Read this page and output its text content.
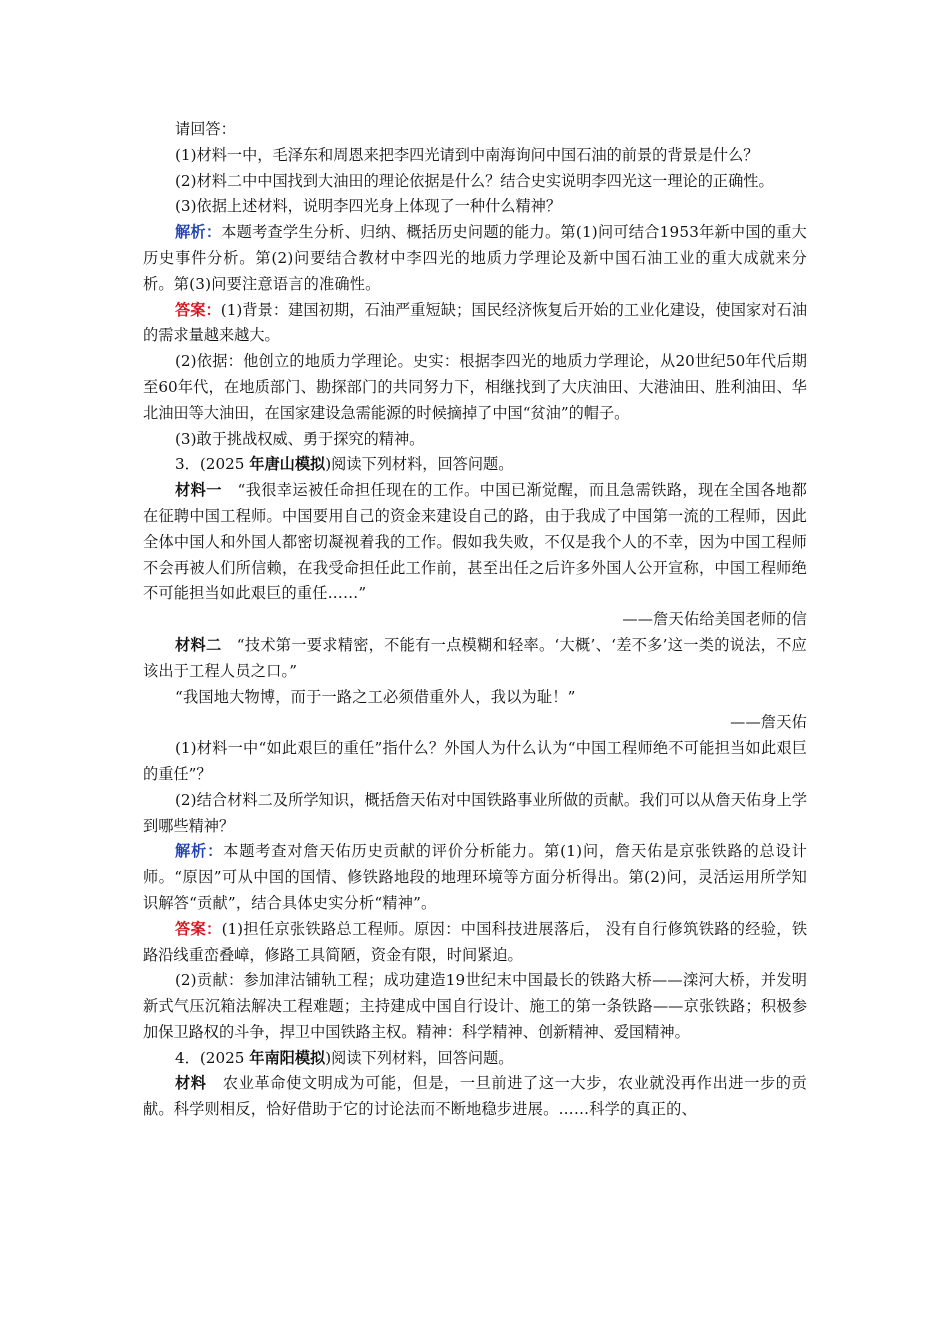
请回答：

(1)材料一中，毛泽东和周恩来把李四光请到中南海询问中国石油的前景的背景是什么？

(2)材料二中中国找到大油田的理论依据是什么？结合史实说明李四光这一理论的正确性。

(3)依据上述材料，说明李四光身上体现了一种什么精神？

解析：本题考查学生分析、归纳、概括历史问题的能力。第(1)问可结合1953年新中国的重大历史事件分析。第(2)问要结合教材中李四光的地质力学理论及新中国石油工业的重大成就来分析。第(3)问要注意语言的准确性。

答案：(1)背景：建国初期，石油严重短缺；国民经济恢复后开始的工业化建设，使国家对石油的需求量越来越大。

(2)依据：他创立的地质力学理论。史实：根据李四光的地质力学理论，从20世纪50年代后期至60年代，在地质部门、勘探部门的共同努力下，相继找到了大庆油田、大港油田、胜利油田、华北油田等大油田，在国家建设急需能源的时候摘掉了中国“贫油”的帽子。

(3)敢于挑战权威、勇于探究的精神。

3．(2025 年唐山模拟)阅读下列材料，回答问题。

材料一 “我很幸运被任命担任现在的工作。中国已渐觉醒，而且急需铁路，现在全国各地都在征聘中国工程师。中国要用自己的资金来建设自己的路，由于我成了中国第一流的工程师，因此全体中国人和外国人都密切凝视着我的工作。假如我失败，不仅是我个人的不幸，因为中国工程师不会再被人们所信赖，在我受命担任此工作前，甚至出任之后许多外国人公开宣称，中国工程师绝不可能担当如此艰巨的重任……”

——詹天佑给美国老师的信

材料二 “技术第一要求精密，不能有一点模糊和轻率。‘大概’、‘差不多’这一类的说法，不应该出于工程人员之口。”

“我国地大物博，而于一路之工必须借重外人，我以为耻！”

——詹天佑

(1)材料一中“如此艰巨的重任”指什么？外国人为什么认为“中国工程师绝不可能担当如此艰巨的重任”？

(2)结合材料二及所学知识，概括詹天佑对中国铁路事业所做的贡献。我们可以从詹天佑身上学到哪些精神？

解析：本题考查对詹天佑历史贡献的评价分析能力。第(1)问，詹天佑是京张铁路的总设计师。“原因”可从中国的国情、修铁路地段的地理环境等方面分析得出。第(2)问，灵活运用所学知识解答“贡献”，结合具体史实分析“精神”。

答案：(1)担任京张铁路总工程师。原因：中国科技进展落后， 没有自行修筑铁路的经验，铁路沿线重峦叠嶂，修路工具简陋，资金有限，时间紧迫。

(2)贡献：参加津沽铺轨工程；成功建造19世纪末中国最长的铁路大桥——滦河大桥，并发明新式气压沉箱法解决工程难题；主持建成中国自行设计、施工的第一条铁路——京张铁路；积极参加保卫路权的斗争，捍卫中国铁路主权。精神：科学精神、创新精神、爱国精神。

4．(2025 年南阳模拟)阅读下列材料，回答问题。

材料 农业革命使文明成为可能，但是，一旦前进了这一大步，农业就没再作出进一步的贡献。科学则相反，恰好借助于它的讨论法而不断地稳步进展。……科学的真正的、
